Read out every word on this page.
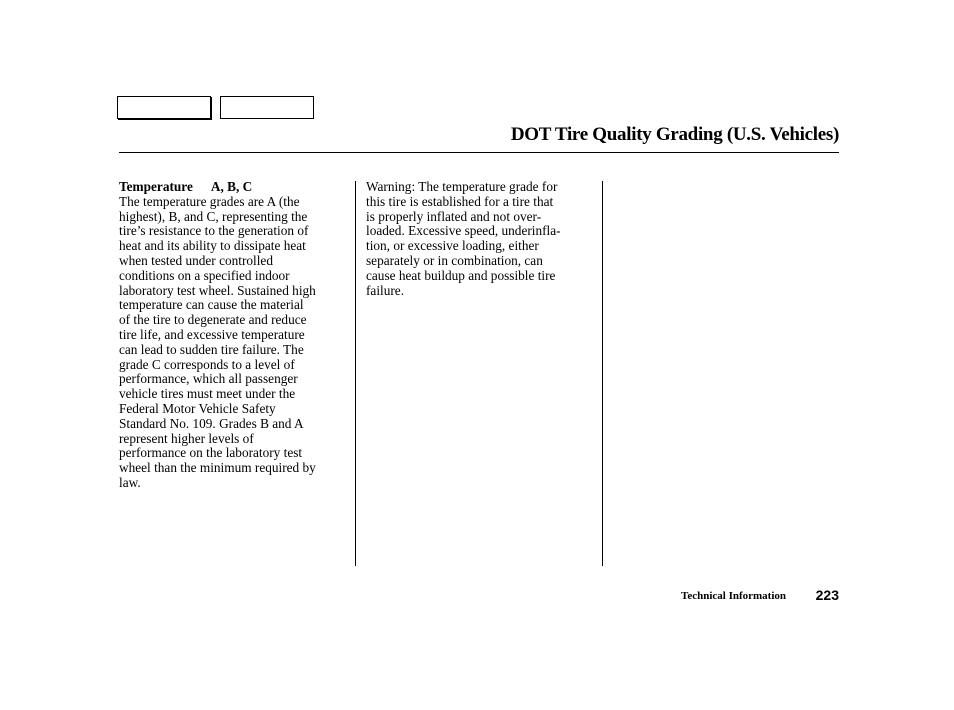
DOT Tire Quality Grading (U.S. Vehicles)
Temperature A, B, C
The temperature grades are A (the
highest), B, and C, representing the
tire’s resistance to the generation of
heat and its ability to dissipate heat
when tested under controlled
conditions on a specified indoor
laboratory test wheel. Sustained high
temperature can cause the material
of the tire to degenerate and reduce
tire life, and excessive temperature
can lead to sudden tire failure. The
grade C corresponds to a level of
performance, which all passenger
vehicle tires must meet under the
Federal Motor Vehicle Safety
Standard No. 109. Grades B and A
represent higher levels of
performance on the laboratory test
wheel than the minimum required by
law.
Warning: The temperature grade for
this tire is established for a tire that
is properly inflated and not over-
loaded. Excessive speed, underinfla-
tion, or excessive loading, either
separately or in combination, can
cause heat buildup and possible tire
failure.
Technical Information 223
